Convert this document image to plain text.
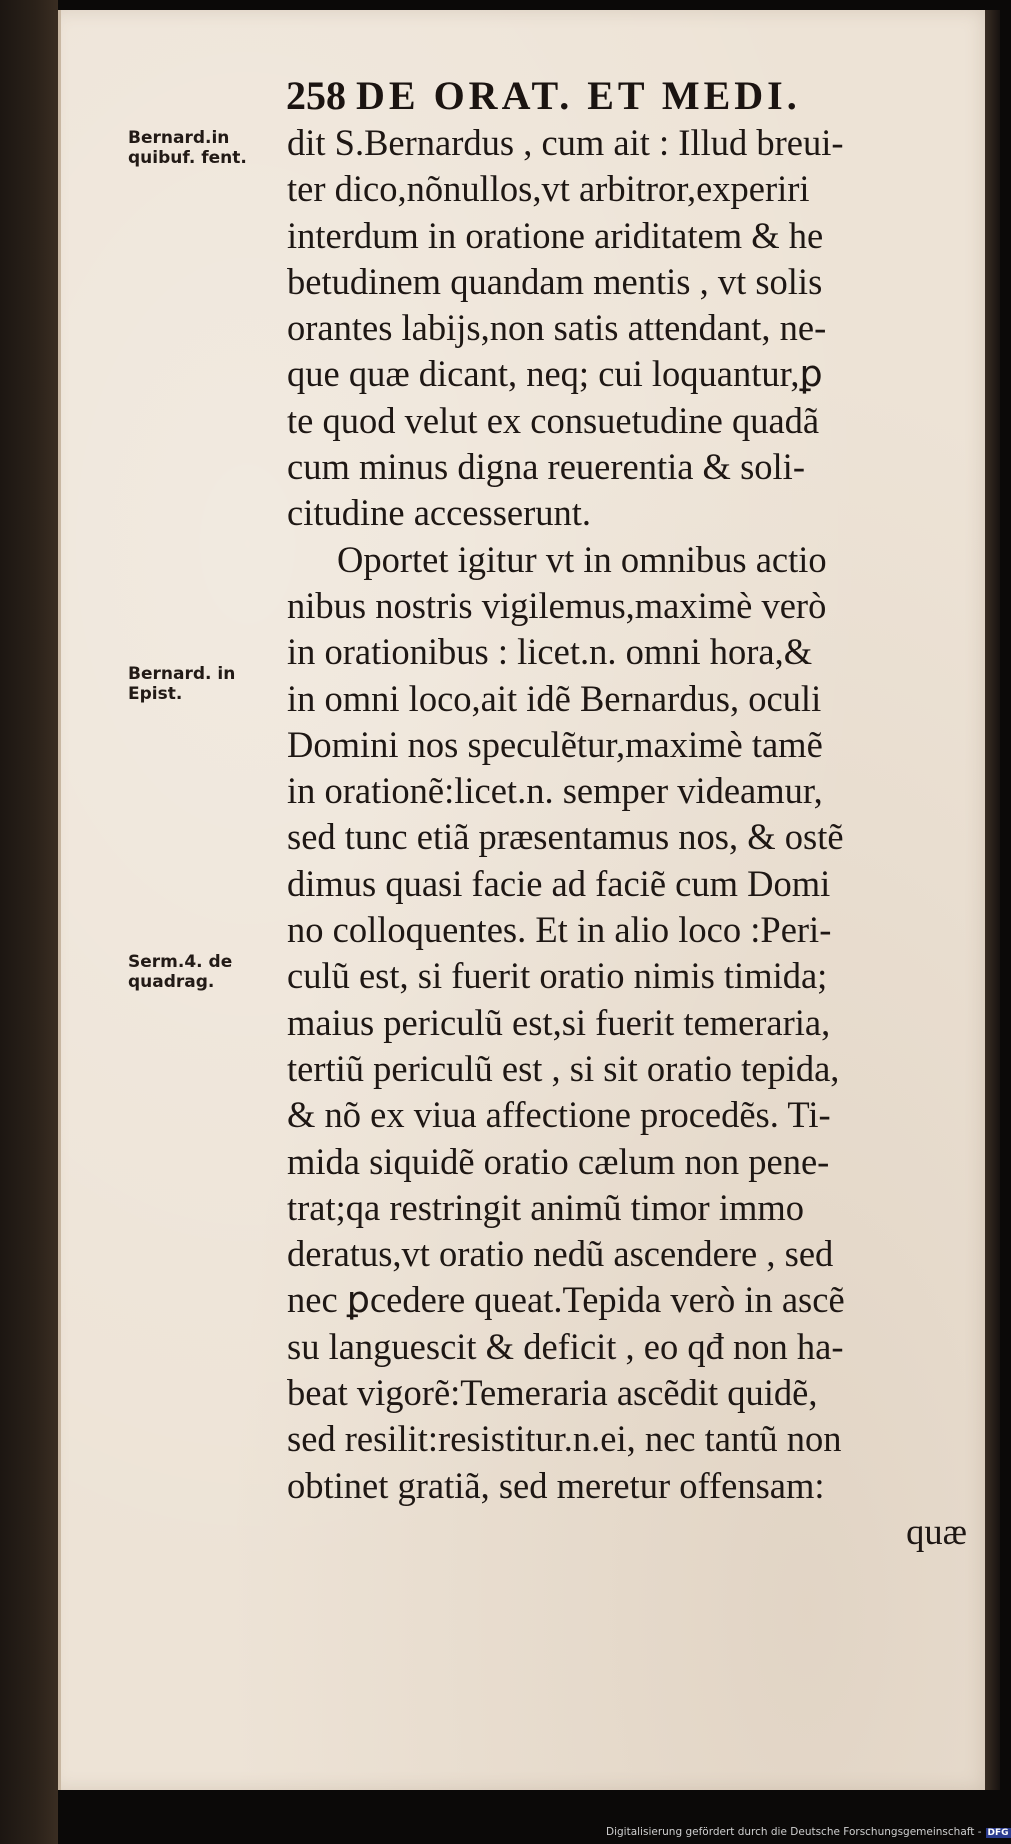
258 DE ORAT. ET MEDI.
Bernard.in
quibuf. fent.
Bernard. in
Epist.
Serm.4. de
quadrag.
dit S.Bernardus , cum ait : Illud breui-
ter dico,nõnullos,vt arbitror,experiri
interdum in oratione ariditatem & he
betudinem quandam mentis , vt solis
orantes labijs,non satis attendant, ne-
que quæ dicant, neq; cui loquantur,ꝑ
te quod velut ex consuetudine quadã
cum minus digna reuerentia & soli-
citudine accesserunt.
Oportet igitur vt in omnibus actio
nibus nostris vigilemus,maximè verò
in orationibus : licet.n. omni hora,&
in omni loco,ait idẽ Bernardus, oculi
Domini nos speculẽtur,maximè tamẽ
in orationẽ:licet.n. semper videamur,
sed tunc etiã præsentamus nos, & ostẽ
dimus quasi facie ad faciẽ cum Domi
no colloquentes. Et in alio loco :Peri-
culũ est, si fuerit oratio nimis timida;
maius periculũ est,si fuerit temeraria,
tertiũ periculũ est , si sit oratio tepida,
& nõ ex viua affectione procedẽs. Ti-
mida siquidẽ oratio cælum non pene-
trat;qa restringit animũ timor immo
deratus,vt oratio nedũ ascendere , sed
nec ꝑcedere queat.Tepida verò in ascẽ
su languescit & deficit , eo qđ non ha-
beat vigorẽ:Temeraria ascẽdit quidẽ,
sed resilit:resistitur.n.ei, nec tantũ non
obtinet gratiã, sed meretur offensam:
quæ
Digitalisierung gefördert durch die Deutsche Forschungsgemeinschaft - DFG
